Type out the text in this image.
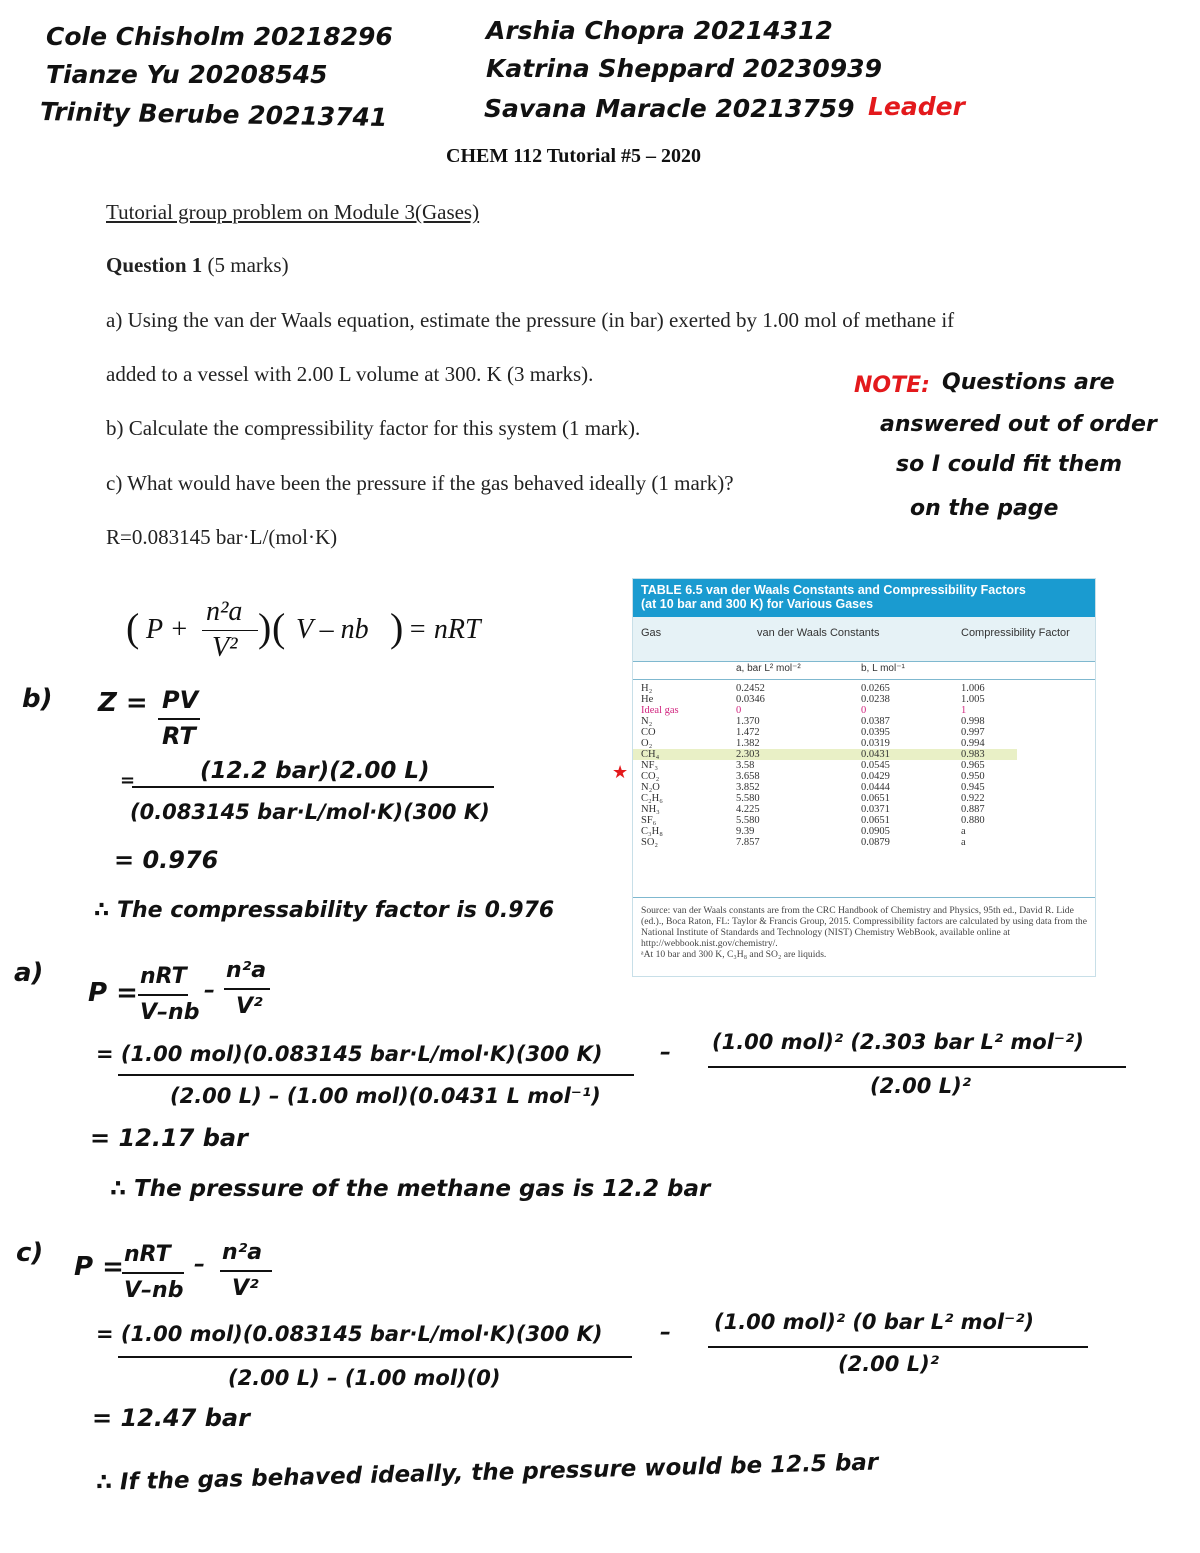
Cole Chisholm 20218296
Tianze Yu 20208545
Trinity Berube 20213741
Arshia Chopra 20214312
Katrina Sheppard 20230939
Savana Maracle 20213759 Leader
CHEM 112 Tutorial #5 – 2020
Tutorial group problem on Module 3(Gases)
Question 1 (5 marks)
a) Using the van der Waals equation, estimate the pressure (in bar) exerted by 1.00 mol of methane if
added to a vessel with 2.00 L volume at 300. K (3 marks).
b) Calculate the compressibility factor for this system (1 mark).
c) What would have been the pressure if the gas behaved ideally (1 mark)?
R=0.083145 bar·L/(mol·K)
NOTE: Questions are
answered out of order
so I could fit them
on the page
( P +
n²a
V² ) ( V – nb ) = nRT
TABLE 6.5 van der Waals Constants and Compressibility Factors
(at 10 bar and 300 K) for Various Gases
Gas	van der Waals Constants	Compressibility Factor
a, bar L² mol⁻²	b, L mol⁻¹
H₂	0.2452	0.0265	1.006
He	0.0346	0.0238	1.005
Ideal gas	0	0	1
N₂	1.370	0.0387	0.998
CO	1.472	0.0395	0.997
O₂	1.382	0.0319	0.994
CH₄	2.303	0.0431	0.983
NF₃	3.58	0.0545	0.965
CO₂	3.658	0.0429	0.950
N₂O	3.852	0.0444	0.945
C₂H₆	5.580	0.0651	0.922
NH₃	4.225	0.0371	0.887
SF₆	5.580	0.0651	0.880
C₃H₈	9.39	0.0905	a
SO₂	7.857	0.0879	a
Source: van der Waals constants are from the CRC Handbook of Chemistry and Physics, 95th ed., David R. Lide (ed.)., Boca Raton, FL: Taylor & Francis Group, 2015. Compressibility factors are calculated by using data from the National Institute of Standards and Technology (NIST) Chemistry WebBook, available online at http://webbook.nist.gov/chemistry/.
ᵃAt 10 bar and 300 K, C₃H₈ and SO₂ are liquids.
★
b) Z = PV
RT
=	(12.2 bar)(2.00 L)
(0.083145 bar·L/mol·K)(300 K)
= 0.976
∴ The compressability factor is 0.976
a)
P =
nRT
V–nb
–
n²a
V²
= (1.00 mol)(0.083145 bar·L/mol·K)(300 K)
(2.00 L) – (1.00 mol)(0.0431 L mol⁻¹)
– (1.00 mol)² (2.303 bar L² mol⁻²)
(2.00 L)²
= 12.17 bar
∴ The pressure of the methane gas is 12.2 bar
c) P = nRT
V–nb
– n²a
V²
= (1.00 mol)(0.083145 bar·L/mol·K)(300 K)
(2.00 L) – (1.00 mol)(0)
– (1.00 mol)² (0 bar L² mol⁻²)
(2.00 L)²
= 12.47 bar
∴ If the gas behaved ideally, the pressure would be 12.5 bar
